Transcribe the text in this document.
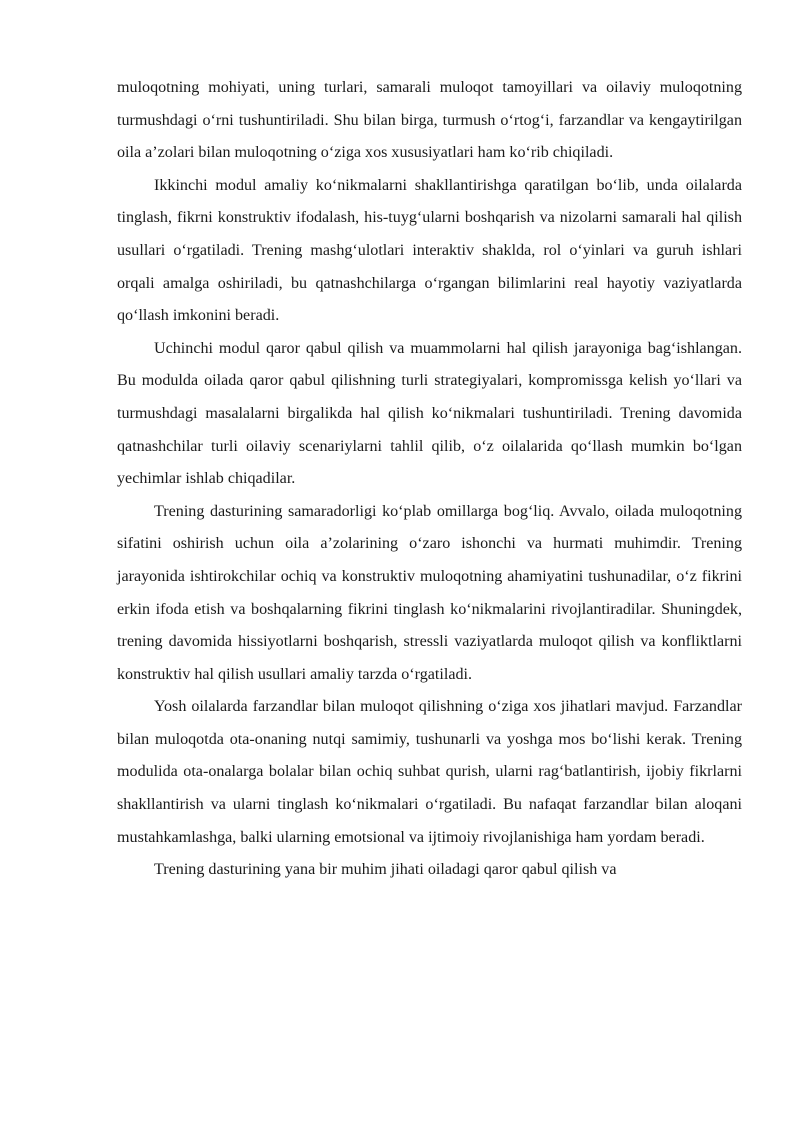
muloqotning mohiyati, uning turlari, samarali muloqot tamoyillari va oilaviy muloqotning turmushdagi o‘rni tushuntiriladi. Shu bilan birga, turmush o‘rtog‘i, farzandlar va kengaytirilgan oila a’zolari bilan muloqotning o‘ziga xos xususiyatlari ham ko‘rib chiqiladi.

Ikkinchi modul amaliy ko‘nikmalarni shakllantirishga qaratilgan bo‘lib, unda oilalarda tinglash, fikrni konstruktiv ifodalash, his-tuyg‘ularni boshqarish va nizolarni samarali hal qilish usullari o‘rgatiladi. Trening mashg‘ulotlari interaktiv shaklda, rol o‘yinlari va guruh ishlari orqali amalga oshiriladi, bu qatnashchilarga o‘rgangan bilimlarini real hayotiy vaziyatlarda qo‘llash imkonini beradi.

Uchinchi modul qaror qabul qilish va muammolarni hal qilish jarayoniga bag‘ishlangan. Bu modulda oilada qaror qabul qilishning turli strategiyalari, kompromissga kelish yo‘llari va turmushdagi masalalarni birgalikda hal qilish ko‘nikmalari tushuntiriladi. Trening davomida qatnashchilar turli oilaviy scenariylarni tahlil qilib, o‘z oilalarida qo‘llash mumkin bo‘lgan yechimlar ishlab chiqadilar.

Trening dasturining samaradorligi ko‘plab omillarga bog‘liq. Avvalo, oilada muloqotning sifatini oshirish uchun oila a’zolarining o‘zaro ishonchi va hurmati muhimdir. Trening jarayonida ishtirokchilar ochiq va konstruktiv muloqotning ahamiyatini tushunadilar, o‘z fikrini erkin ifoda etish va boshqalarning fikrini tinglash ko‘nikmalarini rivojlantiradilar. Shuningdek, trening davomida hissiyotlarni boshqarish, stressli vaziyatlarda muloqot qilish va konfliktlarni konstruktiv hal qilish usullari amaliy tarzda o‘rgatiladi.

Yosh oilalarda farzandlar bilan muloqot qilishning o‘ziga xos jihatlari mavjud. Farzandlar bilan muloqotda ota-onaning nutqi samimiy, tushunarli va yoshga mos bo‘lishi kerak. Trening modulida ota-onalarga bolalar bilan ochiq suhbat qurish, ularni rag‘batlantirish, ijobiy fikrlarni shakllantirish va ularni tinglash ko‘nikmalari o‘rgatiladi. Bu nafaqat farzandlar bilan aloqani mustahkamlashga, balki ularning emotsional va ijtimoiy rivojlanishiga ham yordam beradi.

Trening dasturining yana bir muhim jihati oiladagi qaror qabul qilish va
